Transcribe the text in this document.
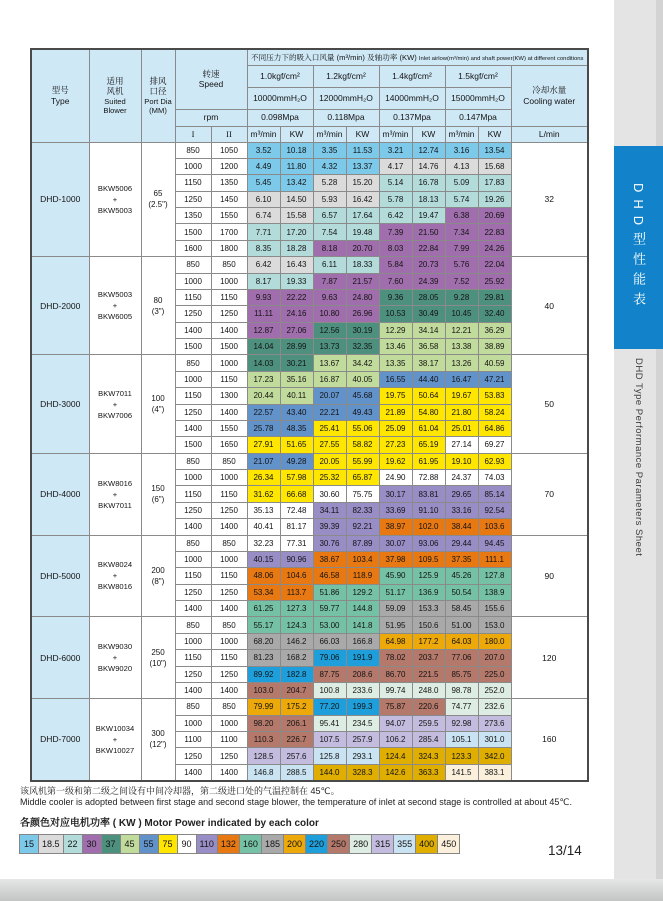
型号
Type

适用
风机
Suited
Blower

排风
口径
Port Dia
(MM)

转速
Speed
	不同压力下的吸入口风量 (m³/min) 及轴功率 (KW) Inlet airlow(m³/min) and shaft power(KW) at different conditions
					1.0kgf/cm²		1.2kgf/cm²		1.4kgf/cm²		1.5kgf/cm²		冷却水量
Cooling water

					10000mmH₂O		12000mmH₂O		14000mmH₂O		15000mmH₂O		
			rpm		0.098Mpa		0.118Mpa		0.137Mpa		0.147Mpa		
			I	II	m³/min	KW	m³/min	KW	m³/min	KW	m³/min	KW	L/min
DHD-1000	BKW5006
+
BKW5003	65
(2.5")	850	1050	3.52	10.18	3.35	11.53	3.21	12.74	3.16	13.54	32
			1000	1200	4.49	11.80	4.32	13.37	4.17	14.76	4.13	15.68	
			1150	1350	5.45	13.42	5.28	15.20	5.14	16.78	5.09	17.83	
			1250	1450	6.10	14.50	5.93	16.42	5.78	18.13	5.74	19.26	
			1350	1550	6.74	15.58	6.57	17.64	6.42	19.47	6.38	20.69	
			1500	1700	7.71	17.20	7.54	19.48	7.39	21.50	7.34	22.83	
			1600	1800	8.35	18.28	8.18	20.70	8.03	22.84	7.99	24.26	
DHD-2000	BKW5003
+
BKW6005	80
(3")	850	850	6.42	16.43	6.11	18.33	5.84	20.73	5.76	22.04	40
			1000	1000	8.17	19.33	7.87	21.57	7.60	24.39	7.52	25.92	
			1150	1150	9.93	22.22	9.63	24.80	9.36	28.05	9.28	29.81	
			1250	1250	11.11	24.16	10.80	26.96	10.53	30.49	10.45	32.40	
			1400	1400	12.87	27.06	12.56	30.19	12.29	34.14	12.21	36.29	
			1500	1500	14.04	28.99	13.73	32.35	13.46	36.58	13.38	38.89	
DHD-3000	BKW7011
+
BKW7006	100
(4")	850	1000	14.03	30.21	13.67	34.42	13.35	38.17	13.26	40.59	50
			1000	1150	17.23	35.16	16.87	40.05	16.55	44.40	16.47	47.21	
			1150	1300	20.44	40.11	20.07	45.68	19.75	50.64	19.67	53.83	
			1250	1400	22.57	43.40	22.21	49.43	21.89	54.80	21.80	58.24	
			1400	1550	25.78	48.35	25.41	55.06	25.09	61.04	25.01	64.86	
			1500	1650	27.91	51.65	27.55	58.82	27.23	65.19	27.14	69.27	
DHD-4000	BKW8016
+
BKW7011	150
(6")	850	850	21.07	49.28	20.05	55.99	19.62	61.95	19.10	62.93	70
			1000	1000	26.34	57.98	25.32	65.87	24.90	72.88	24.37	74.03	
			1150	1150	31.62	66.68	30.60	75.75	30.17	83.81	29.65	85.14	
			1250	1250	35.13	72.48	34.11	82.33	33.69	91.10	33.16	92.54	
			1400	1400	40.41	81.17	39.39	92.21	38.97	102.0	38.44	103.6	
DHD-5000	BKW8024
+
BKW8016	200
(8")	850	850	32.23	77.31	30.76	87.89	30.07	93.06	29.44	94.45	90
			1000	1000	40.15	90.96	38.67	103.4	37.98	109.5	37.35	111.1	
			1150	1150	48.06	104.6	46.58	118.9	45.90	125.9	45.26	127.8	
			1250	1250	53.34	113.7	51.86	129.2	51.17	136.9	50.54	138.9	
			1400	1400	61.25	127.3	59.77	144.8	59.09	153.3	58.45	155.6	
DHD-6000	BKW9030
+
BKW9020	250
(10")	850	850	55.17	124.3	53.00	141.8	51.95	150.6	51.00	153.0	120
			1000	1000	68.20	146.2	66.03	166.8	64.98	177.2	64.03	180.0	
			1150	1150	81.23	168.2	79.06	191.9	78.02	203.7	77.06	207.0	
			1250	1250	89.92	182.8	87.75	208.6	86.70	221.5	85.75	225.0	
			1400	1400	103.0	204.7	100.8	233.6	99.74	248.0	98.78	252.0	
DHD-7000	BKW10034
+
BKW10027	300
(12")	850	850	79.99	175.2	77.20	199.3	75.87	220.6	74.77	232.6	160
			1000	1000	98.20	206.1	95.41	234.5	94.07	259.5	92.98	273.6	
			1100	1100	110.3	226.7	107.5	257.9	106.2	285.4	105.1	301.0	
			1250	1250	128.5	257.6	125.8	293.1	124.4	324.3	123.3	342.0	
			1400	1400	146.8	288.5	144.0	328.3	142.6	363.3	141.5	383.1	
该风机第一级和第二级之间设有中间冷却器，第二级进口处的气温控制在 45℃。
Middle cooler is adopted between first stage and second stage blower, the temperature of inlet at second stage is controlled at about 45℃.
各颜色对应电机功率 ( KW ) Motor Power indicated by each color
15 18.5 22 30 37 45 55 75 90 110 132 160 185 200 220 250 280 315 355 400 450	13/14
DHD型性能表
DHD Type Performance Parameters Sheet
